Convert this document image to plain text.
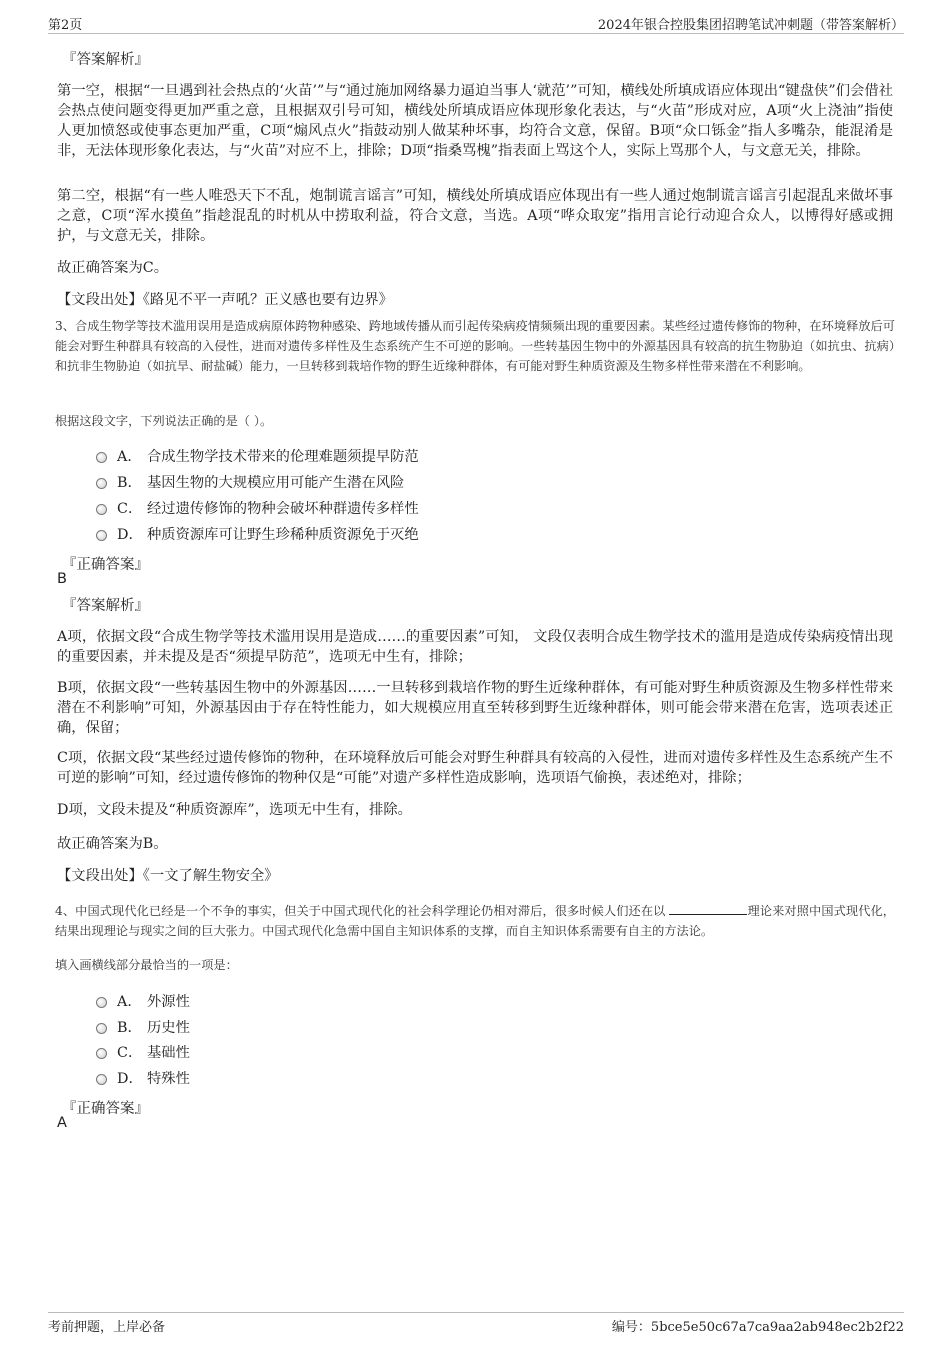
第2页	2024年银合控股集团招聘笔试冲刺题（带答案解析）
『答案解析』
第一空，根据“一旦遇到社会热点的‘火苗’”与“通过施加网络暴力逼迫当事人‘就范’”可知，横线处所填成语应体现出“键盘侠”们会借社会热点使问题变得更加严重之意，且根据双引号可知，横线处所填成语应体现形象化表达，与“火苗”形成对应，A项“火上浇油”指使人更加愤怒或使事态更加严重，C项“煽风点火”指鼓动别人做某种坏事，均符合文意，保留。B项“众口铄金”指人多嘴杂，能混淆是非，无法体现形象化表达，与“火苗”对应不上，排除；D项“指桑骂槐”指表面上骂这个人，实际上骂那个人，与文意无关，排除。
第二空，根据“有一些人唯恐天下不乱，炮制谎言谣言”可知，横线处所填成语应体现出有一些人通过炮制谎言谣言引起混乱来做坏事之意，C项“浑水摸鱼”指趁混乱的时机从中捞取利益，符合文意，当选。A项“哗众取宠”指用言论行动迎合众人，以博得好感或拥护，与文意无关，排除。
故正确答案为C。
【文段出处】《路见不平一声吼？正义感也要有边界》
3、合成生物学等技术滥用误用是造成病原体跨物种感染、跨地域传播从而引起传染病疫情频频出现的重要因素。某些经过遗传修饰的物种，在环境释放后可能会对野生种群具有较高的入侵性，进而对遗传多样性及生态系统产生不可逆的影响。一些转基因生物中的外源基因具有较高的抗生物胁迫（如抗虫、抗病）和抗非生物胁迫（如抗旱、耐盐碱）能力，一旦转移到栽培作物的野生近缘种群体，有可能对野生种质资源及生物多样性带来潜在不利影响。
根据这段文字，下列说法正确的是（ ）。
A． 合成生物学技术带来的伦理难题须提早防范
B． 基因生物的大规模应用可能产生潜在风险
C． 经过遗传修饰的物种会破坏种群遗传多样性
D． 种质资源库可让野生珍稀种质资源免于灭绝
『正确答案』
B
『答案解析』
A项，依据文段“合成生物学等技术滥用误用是造成……的重要因素”可知， 文段仅表明合成生物学技术的滥用是造成传染病疫情出现的重要因素，并未提及是否“须提早防范”，选项无中生有，排除；
B项，依据文段“一些转基因生物中的外源基因……一旦转移到栽培作物的野生近缘种群体，有可能对野生种质资源及生物多样性带来潜在不利影响”可知，外源基因由于存在特性能力，如大规模应用直至转移到野生近缘种群体，则可能会带来潜在危害，选项表述正确，保留；
C项，依据文段“某些经过遗传修饰的物种，在环境释放后可能会对野生种群具有较高的入侵性，进而对遗传多样性及生态系统产生不可逆的影响”可知，经过遗传修饰的物种仅是“可能”对遗产多样性造成影响，选项语气偷换，表述绝对，排除；
D项，文段未提及“种质资源库”，选项无中生有，排除。
故正确答案为B。
【文段出处】《一文了解生物安全》
4、中国式现代化已经是一个不争的事实，但关于中国式现代化的社会科学理论仍相对滞后，很多时候人们还在以	理论来对照中国式现代化，结果出现理论与现实之间的巨大张力。中国式现代化急需中国自主知识体系的支撑，而自主知识体系需要有自主的方法论。
填入画横线部分最恰当的一项是：
A． 外源性
B． 历史性
C． 基础性
D． 特殊性
『正确答案』
A
考前押题，上岸必备	编号：5bce5e50c67a7ca9aa2ab948ec2b2f22
